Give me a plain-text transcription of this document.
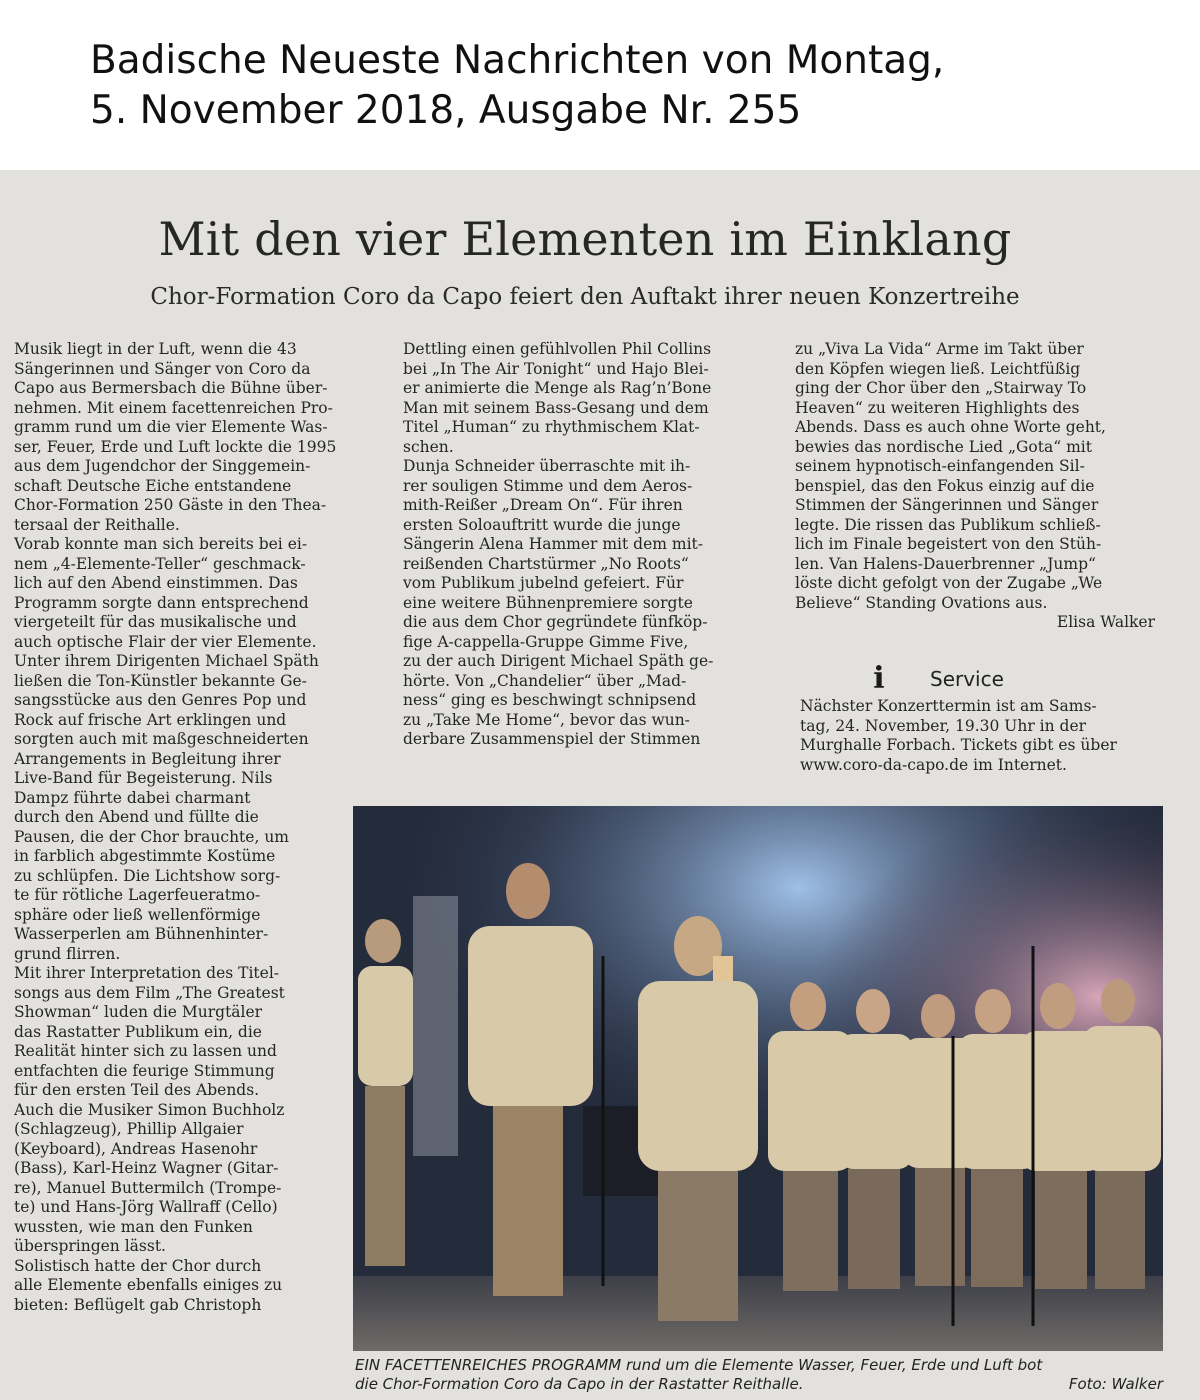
Badische Neueste Nachrichten von Montag,
5. November 2018, Ausgabe Nr. 255
Mit den vier Elementen im Einklang
Chor-Formation Coro da Capo feiert den Auftakt ihrer neuen Konzertreihe
Musik liegt in der Luft, wenn die 43
Sängerinnen und Sänger von Coro da
Capo aus Bermersbach die Bühne über-
nehmen. Mit einem facettenreichen Pro-
gramm rund um die vier Elemente Was-
ser, Feuer, Erde und Luft lockte die 1995
aus dem Jugendchor der Singgemein-
schaft Deutsche Eiche entstandene
Chor-Formation 250 Gäste in den Thea-
tersaal der Reithalle.
Vorab konnte man sich bereits bei ei-
nem „4-Elemente-Teller“ geschmack-
lich auf den Abend einstimmen. Das
Programm sorgte dann entsprechend
viergeteilt für das musikalische und
auch optische Flair der vier Elemente.
Unter ihrem Dirigenten Michael Späth
ließen die Ton-Künstler bekannte Ge-
sangsstücke aus den Genres Pop und
Rock auf frische Art erklingen und
sorgten auch mit maßgeschneiderten
Arrangements in Begleitung ihrer
Live-Band für Begeisterung. Nils
Dampz führte dabei charmant
durch den Abend und füllte die
Pausen, die der Chor brauchte, um
in farblich abgestimmte Kostüme
zu schlüpfen. Die Lichtshow sorg-
te für rötliche Lagerfeueratmo-
sphäre oder ließ wellenförmige
Wasserperlen am Bühnenhinter-
grund flirren.
Mit ihrer Interpretation des Titel-
songs aus dem Film „The Greatest
Showman“ luden die Murgtäler
das Rastatter Publikum ein, die
Realität hinter sich zu lassen und
entfachten die feurige Stimmung
für den ersten Teil des Abends.
Auch die Musiker Simon Buchholz
(Schlagzeug), Phillip Allgaier
(Keyboard), Andreas Hasenohr
(Bass), Karl-Heinz Wagner (Gitar-
re), Manuel Buttermilch (Trompe-
te) und Hans-Jörg Wallraff (Cello)
wussten, wie man den Funken
überspringen lässt.
Solistisch hatte der Chor durch
alle Elemente ebenfalls einiges zu
bieten: Beflügelt gab Christoph
Dettling einen gefühlvollen Phil Collins
bei „In The Air Tonight“ und Hajo Blei-
er animierte die Menge als Rag’n’Bone
Man mit seinem Bass-Gesang und dem
Titel „Human“ zu rhythmischem Klat-
schen.
Dunja Schneider überraschte mit ih-
rer souligen Stimme und dem Aeros-
mith-Reißer „Dream On“. Für ihren
ersten Soloauftritt wurde die junge
Sängerin Alena Hammer mit dem mit-
reißenden Chartstürmer „No Roots“
vom Publikum jubelnd gefeiert. Für
eine weitere Bühnenpremiere sorgte
die aus dem Chor gegründete fünfköp-
fige A-cappella-Gruppe Gimme Five,
zu der auch Dirigent Michael Späth ge-
hörte. Von „Chandelier“ über „Mad-
ness“ ging es beschwingt schnipsend
zu „Take Me Home“, bevor das wun-
derbare Zusammenspiel der Stimmen
zu „Viva La Vida“ Arme im Takt über
den Köpfen wiegen ließ. Leichtfüßig
ging der Chor über den „Stairway To
Heaven“ zu weiteren Highlights des
Abends. Dass es auch ohne Worte geht,
bewies das nordische Lied „Gota“ mit
seinem hypnotisch-einfangenden Sil-
benspiel, das den Fokus einzig auf die
Stimmen der Sängerinnen und Sänger
legte. Die rissen das Publikum schließ-
lich im Finale begeistert von den Stüh-
len. Van Halens-Dauerbrenner „Jump“
löste dicht gefolgt von der Zugabe „We
Believe“ Standing Ovations aus.
Elisa Walker
i Service
Nächster Konzerttermin ist am Sams-
tag, 24. November, 19.30 Uhr in der
Murghalle Forbach. Tickets gibt es über
www.coro-da-capo.de im Internet.
EIN FACETTENREICHES PROGRAMM rund um die Elemente Wasser, Feuer, Erde und Luft bot
die Chor-Formation Coro da Capo in der Rastatter Reithalle.	Foto: Walker
